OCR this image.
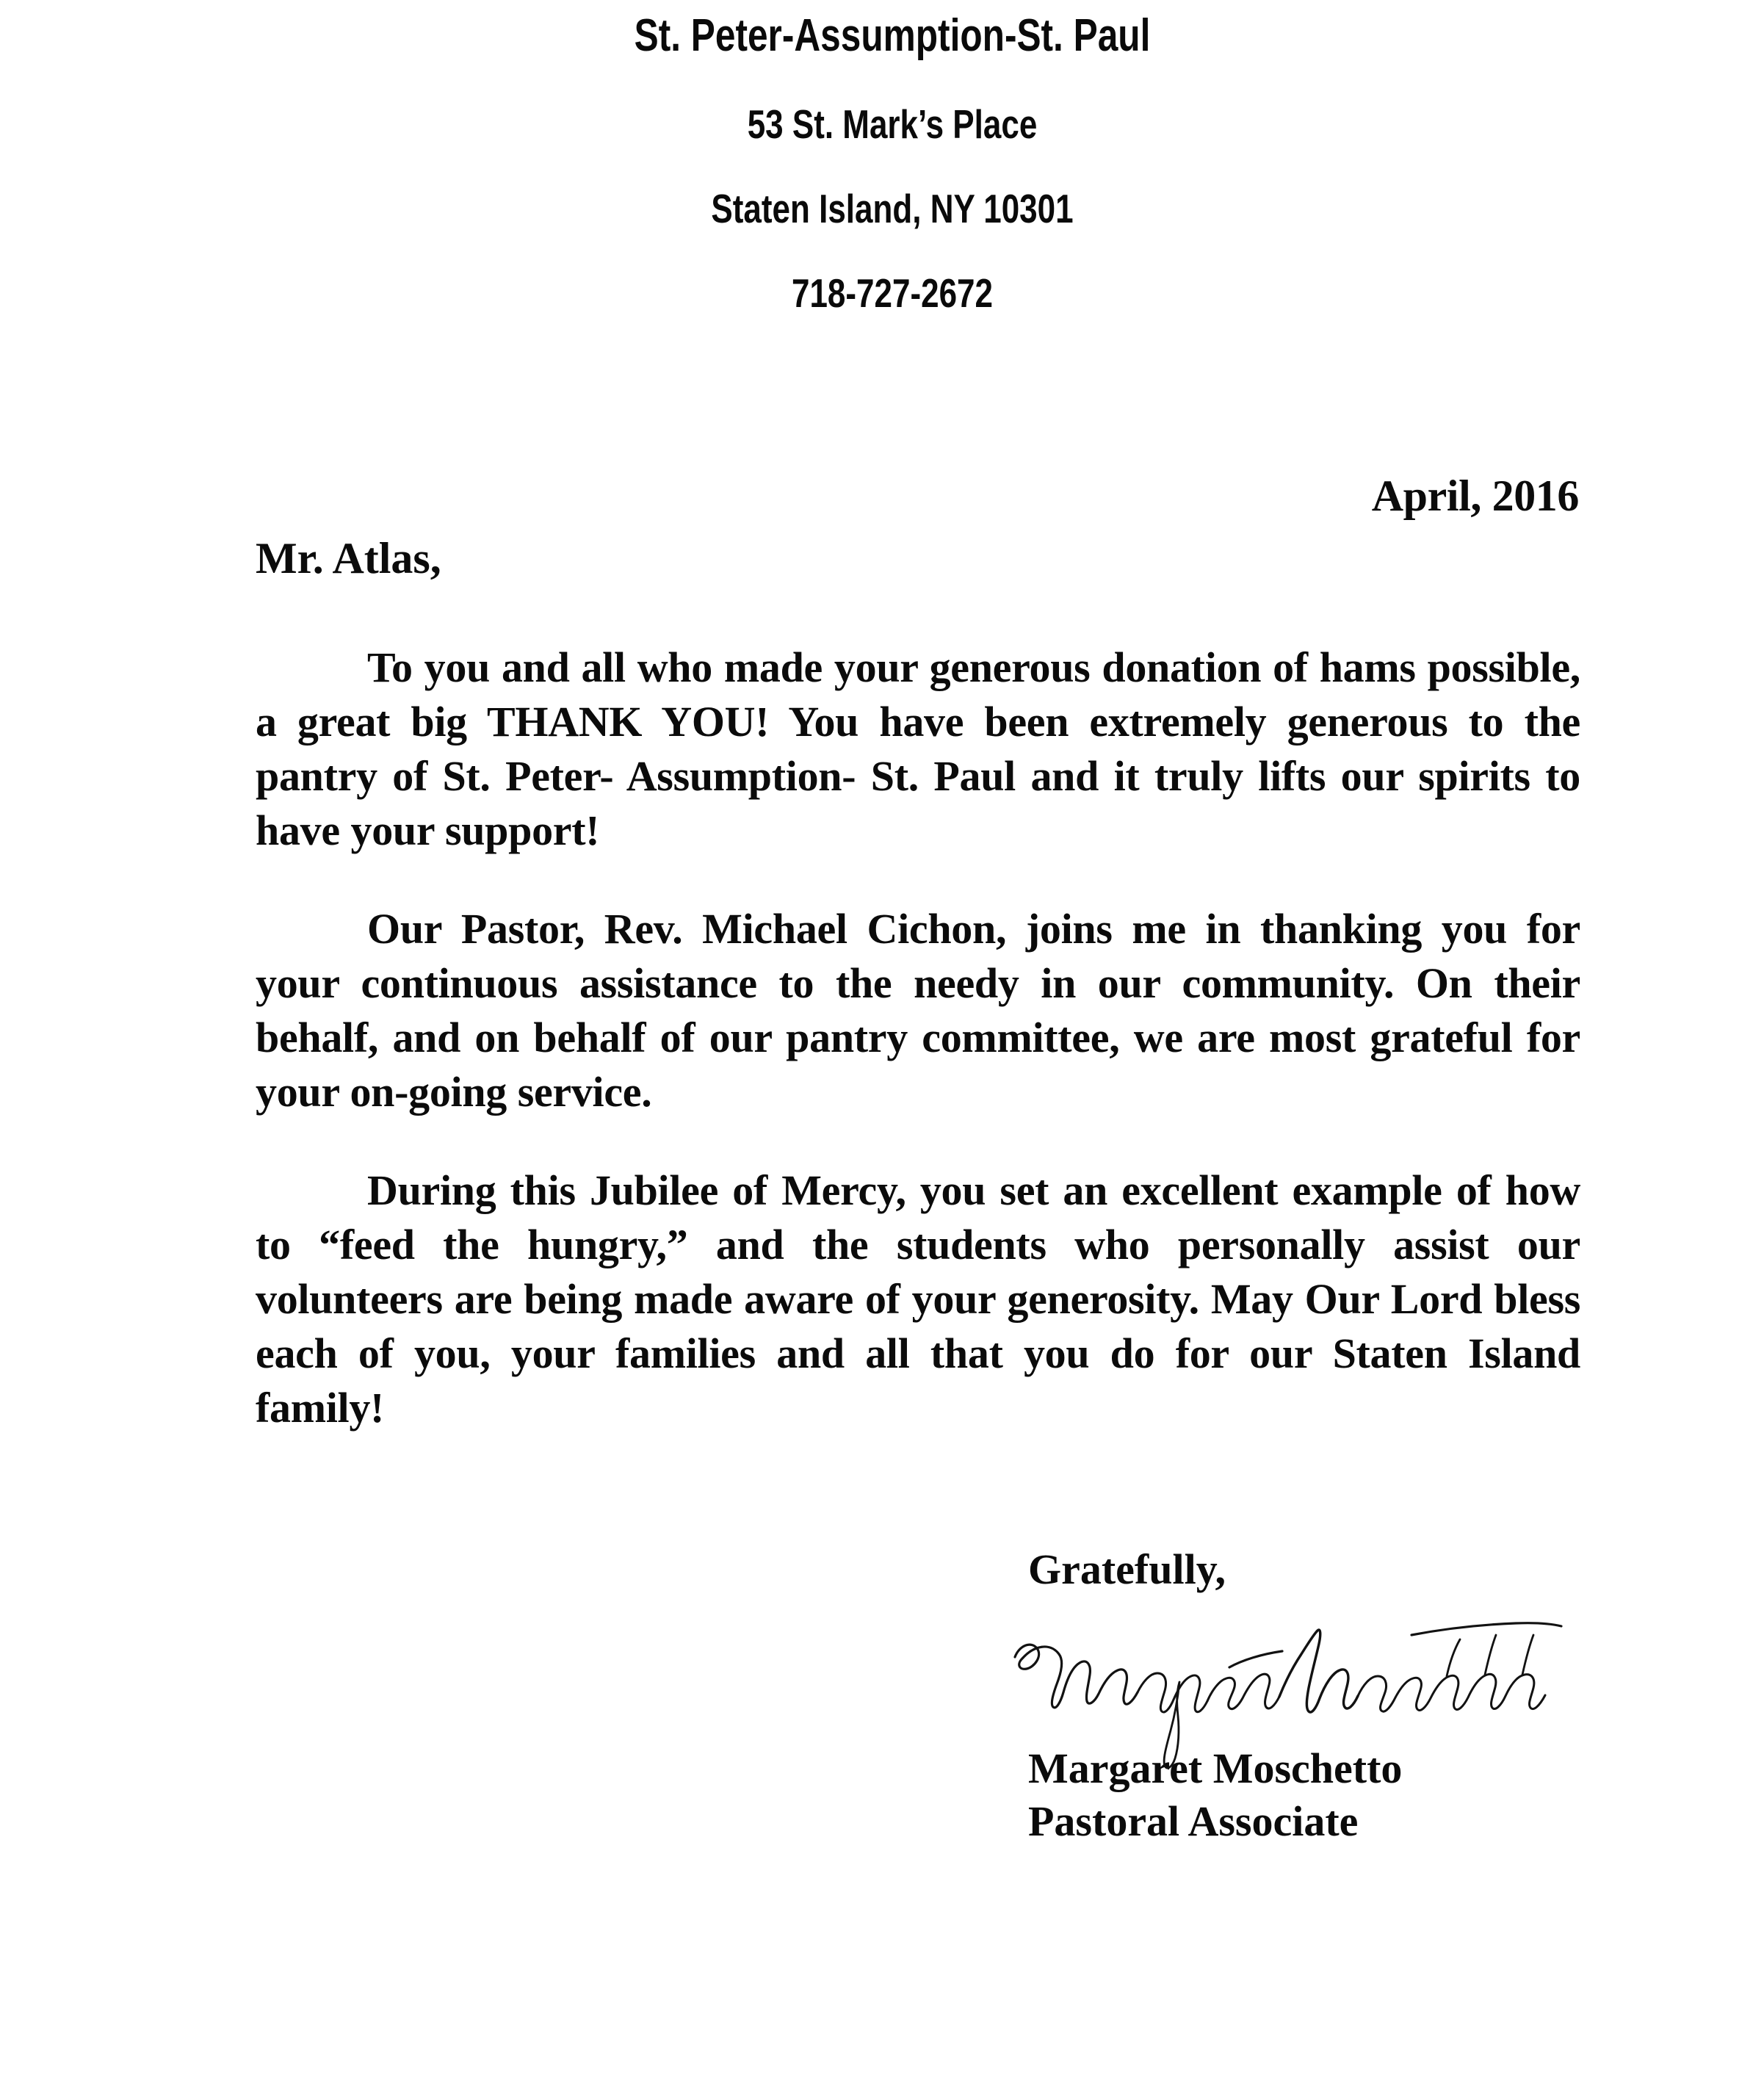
St. Peter-Assumption-St. Paul
53 St. Mark’s Place
Staten Island, NY 10301
718-727-2672
April, 2016
Mr. Atlas,

To you and all who made your generous donation of hams possible, a great big THANK YOU! You have been extremely generous to the pantry of St. Peter- Assumption- St. Paul and it truly lifts our spirits to have your support!

Our Pastor, Rev. Michael Cichon, joins me in thanking you for your continuous assistance to the needy in our community. On their behalf, and on behalf of our pantry committee, we are most grateful for your on-going service.

During this Jubilee of Mercy, you set an excellent example of how to “feed the hungry,” and the students who personally assist our volunteers are being made aware of your generosity. May Our Lord bless each of you, your families and all that you do for our Staten Island family!

Gratefully,
Margaret Moschetto
Pastoral Associate
